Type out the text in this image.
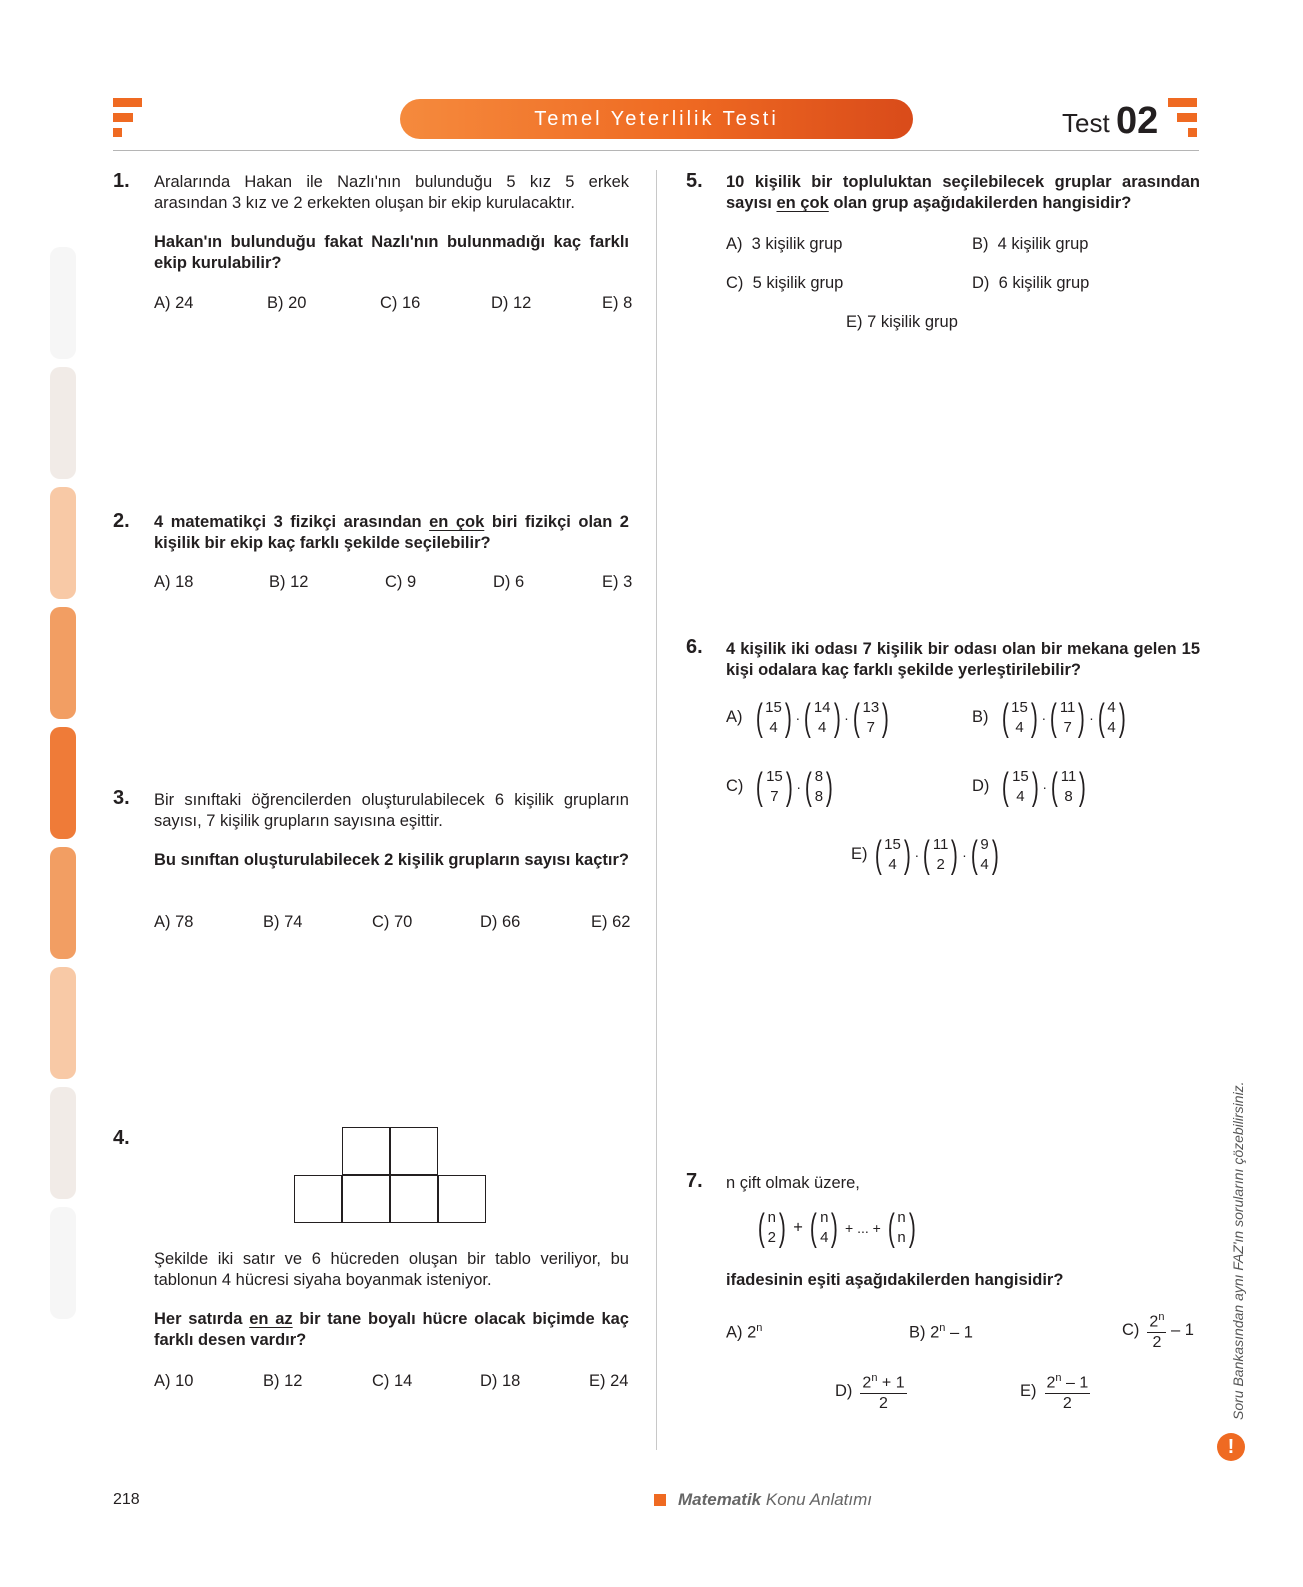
Temel Yeterlilik Testi	Test 02
1. Aralarında Hakan ile Nazlı'nın bulunduğu 5 kız 5 erkek arasından 3 kız ve 2 erkekten oluşan bir ekip kurulacaktır.
Hakan'ın bulunduğu fakat Nazlı'nın bulunmadığı kaç farklı ekip kurulabilir?
A) 24	B) 20	C) 16	D) 12	E) 8
2. 4 matematikçi 3 fizikçi arasından en çok biri fizikçi olan 2 kişilik bir ekip kaç farklı şekilde seçilebilir?
A) 18	B) 12	C) 9	D) 6	E) 3
3. Bir sınıftaki öğrencilerden oluşturulabilecek 6 kişilik grupların sayısı, 7 kişilik grupların sayısına eşittir.
Bu sınıftan oluşturulabilecek 2 kişilik grupların sayısı kaçtır?
A) 78	B) 74	C) 70	D) 66	E) 62
4.
Şekilde iki satır ve 6 hücreden oluşan bir tablo veriliyor, bu tablonun 4 hücresi siyaha boyanmak isteniyor.
Her satırda en az bir tane boyalı hücre olacak biçimde kaç farklı desen vardır?
A) 10	B) 12	C) 14	D) 18	E) 24
5. 10 kişilik bir topluluktan seçilebilecek gruplar arasından sayısı en çok olan grup aşağıdakilerden hangisidir?
A)  3 kişilik grup	B)  4 kişilik grup
C)  5 kişilik grup	D)  6 kişilik grup
E) 7 kişilik grup
6. 4 kişilik iki odası 7 kişilik bir odası olan bir mekana gelen 15 kişi odalara kaç farklı şekilde yerleştirilebilir?
A) ( 15
4 ) · ( 14
4 ) · ( 13
7 )	B) ( 15
4 ) · ( 11
7 ) · ( 4
4 )
C) ( 15
7 ) · ( 8
8 )	D) ( 15
4 ) · ( 11
8 )
E) ( 15
4 ) · ( 11
2 ) · ( 9
4 )
7. n çift olmak üzere,
( n
2 ) + ( n
4 ) + ... + ( n
n )
ifadesinin eşiti aşağıdakilerden hangisidir?
A) 2$^n$	B) 2$^n$ – 1	$C) \frac{2^n}{2} - 1$
$D) \frac{2^n + 1}{2}$	$E) \frac{2^n - 1}{2}$	Soru Bankasından aynı FAZ'ın sorularını çözebilirsiniz.
!
218	Matematik Konu Anlatımı
